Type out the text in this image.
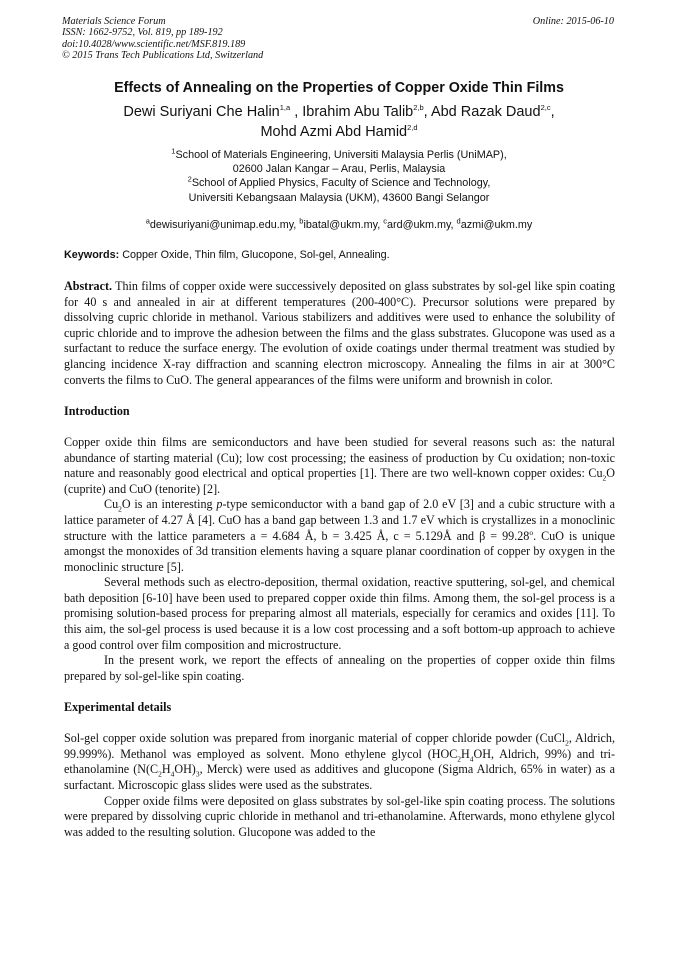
Materials Science Forum
ISSN: 1662-9752, Vol. 819, pp 189-192
doi:10.4028/www.scientific.net/MSF.819.189
© 2015 Trans Tech Publications Ltd, Switzerland
Online: 2015-06-10
Effects of Annealing on the Properties of Copper Oxide Thin Films
Dewi Suriyani Che Halin$^{1,a}$ , Ibrahim Abu Talib$^{2,b}$, Abd Razak Daud$^{2,c}$,
Mohd Azmi Abd Hamid$^{2,d}$
$^1$School of Materials Engineering, Universiti Malaysia Perlis (UniMAP),
02600 Jalan Kangar – Arau, Perlis, Malaysia
$^2$School of Applied Physics, Faculty of Science and Technology,
Universiti Kebangsaan Malaysia (UKM), 43600 Bangi Selangor
$^a$dewisuriyani@unimap.edu.my, $^b$ibatal@ukm.my, $^c$ard@ukm.my, $^d$azmi@ukm.my
Keywords: Copper Oxide, Thin film, Glucopone, Sol-gel, Annealing.

Abstract. Thin films of copper oxide were successively deposited on glass substrates by sol-gel like spin coating for 40 s and annealed in air at different temperatures (200-400°C). Precursor solutions were prepared by dissolving cupric chloride in methanol. Various stabilizers and additives were used to enhance the solubility of cupric chloride and to improve the adhesion between the films and the glass substrates. Glucopone was used as a surfactant to reduce the surface energy. The evolution of oxide coatings under thermal treatment was studied by glancing incidence X-ray diffraction and scanning electron microscopy. Annealing the films in air at 300°C converts the films to CuO. The general appearances of the films were uniform and brownish in color.

Introduction

Copper oxide thin films are semiconductors and have been studied for several reasons such as: the natural abundance of starting material (Cu); low cost processing; the easiness of production by Cu oxidation; non-toxic nature and reasonably good electrical and optical properties [1]. There are two well-known copper oxides: $Cu_2O$ (cuprite) and CuO (tenorite) [2].

$Cu_2O$ is an interesting p-type semiconductor with a band gap of 2.0 eV [3] and a cubic structure with a lattice parameter of 4.27 Å [4]. CuO has a band gap between 1.3 and 1.7 eV which is crystallizes in a monoclinic structure with the lattice parameters a = 4.684 Å, b = 3.425 Å, c = 5.129Å and $\beta = 99.28^o$. CuO is unique amongst the monoxides of 3d transition elements having a square planar coordination of copper by oxygen in the monoclinic structure [5].

Several methods such as electro-deposition, thermal oxidation, reactive sputtering, sol-gel, and chemical bath deposition [6-10] have been used to prepared copper oxide thin films. Among them, the sol-gel process is a promising solution-based process for preparing almost all materials, especially for ceramics and oxides [11]. To this aim, the sol-gel process is used because it is a low cost processing and a soft bottom-up approach to achieve a good control over film composition and microstructure.

In the present work, we report the effects of annealing on the properties of copper oxide thin films prepared by sol-gel-like spin coating.

Experimental details

Sol-gel copper oxide solution was prepared from inorganic material of copper chloride powder (CuCl$_2$, Aldrich, 99.999%). Methanol was employed as solvent. Mono ethylene glycol ($HOC_2H_4OH$, Aldrich, 99%) and tri-ethanolamine ($N(C_2H_4OH)_3$, Merck) were used as additives and glucopone (Sigma Aldrich, 65% in water) as a surfactant. Microscopic glass slides were used as the substrates.

Copper oxide films were deposited on glass substrates by sol-gel-like spin coating process. The solutions were prepared by dissolving cupric chloride in methanol and tri-ethanolamine. Afterwards, mono ethylene glycol was added to the resulting solution. Glucopone was added to the
